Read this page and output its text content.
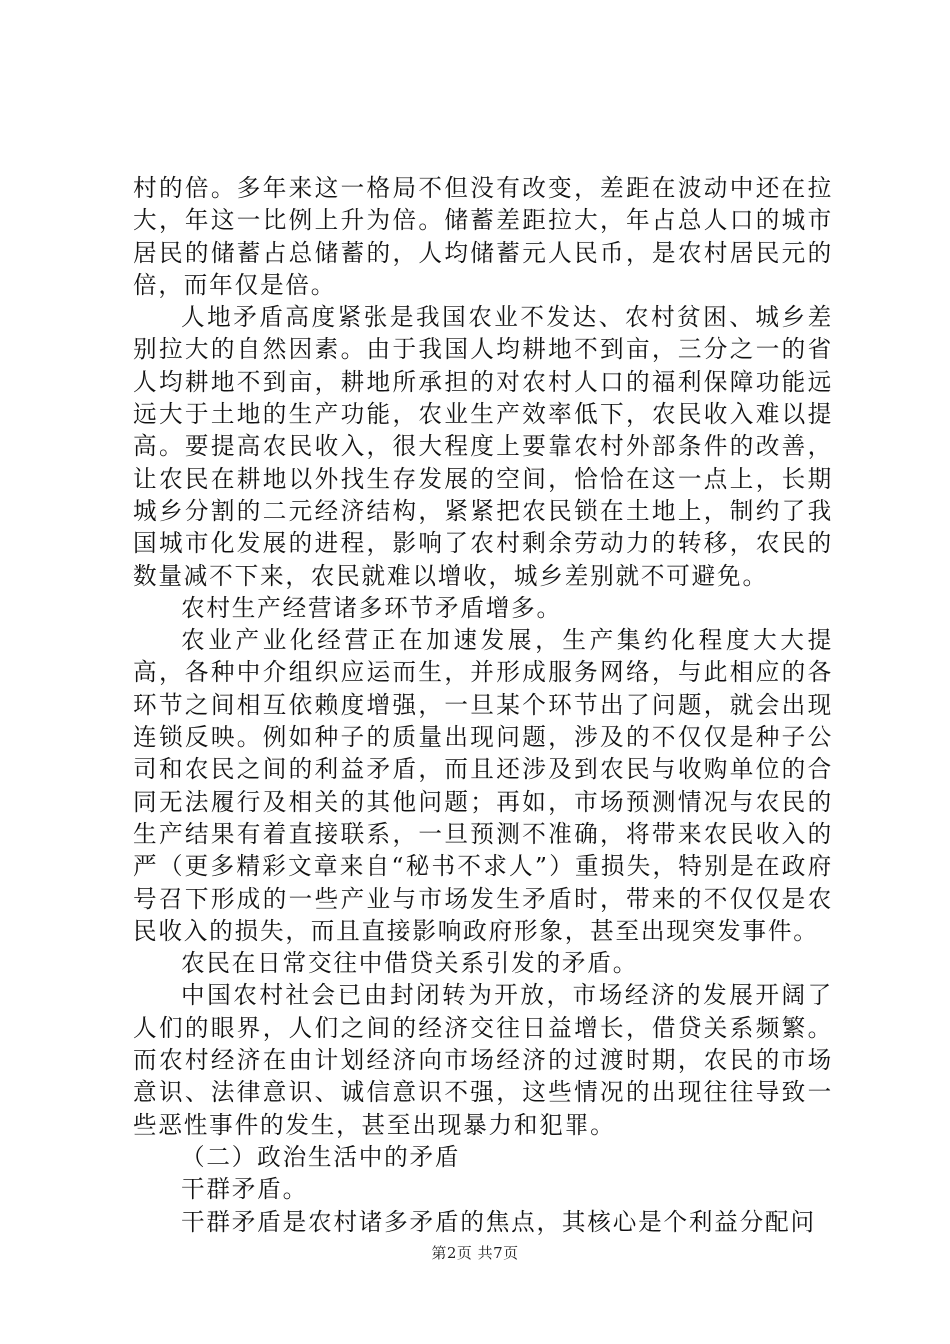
村的倍。多年来这一格局不但没有改变，差距在波动中还在拉大，年这一比例上升为倍。储蓄差距拉大，年占总人口的城市居民的储蓄占总储蓄的，人均储蓄元人民币，是农村居民元的倍，而年仅是倍。

人地矛盾高度紧张是我国农业不发达、农村贫困、城乡差别拉大的自然因素。由于我国人均耕地不到亩，三分之一的省人均耕地不到亩，耕地所承担的对农村人口的福利保障功能远远大于土地的生产功能，农业生产效率低下，农民收入难以提高。要提高农民收入，很大程度上要靠农村外部条件的改善，让农民在耕地以外找生存发展的空间，恰恰在这一点上，长期城乡分割的二元经济结构，紧紧把农民锁在土地上，制约了我国城市化发展的进程，影响了农村剩余劳动力的转移，农民的数量减不下来，农民就难以增收，城乡差别就不可避免。

农村生产经营诸多环节矛盾增多。

农业产业化经营正在加速发展，生产集约化程度大大提高，各种中介组织应运而生，并形成服务网络，与此相应的各环节之间相互依赖度增强，一旦某个环节出了问题，就会出现连锁反映。例如种子的质量出现问题，涉及的不仅仅是种子公司和农民之间的利益矛盾，而且还涉及到农民与收购单位的合同无法履行及相关的其他问题；再如，市场预测情况与农民的生产结果有着直接联系，一旦预测不准确，将带来农民收入的严（更多精彩文章来自“秘书不求人”）重损失，特别是在政府号召下形成的一些产业与市场发生矛盾时，带来的不仅仅是农民收入的损失，而且直接影响政府形象，甚至出现突发事件。

农民在日常交往中借贷关系引发的矛盾。

中国农村社会已由封闭转为开放，市场经济的发展开阔了人们的眼界，人们之间的经济交往日益增长，借贷关系频繁。而农村经济在由计划经济向市场经济的过渡时期，农民的市场意识、法律意识、诚信意识不强，这些情况的出现往往导致一些恶性事件的发生，甚至出现暴力和犯罪。

（二）政治生活中的矛盾

干群矛盾。

干群矛盾是农村诸多矛盾的焦点，其核心是个利益分配问

第2页 共7页
